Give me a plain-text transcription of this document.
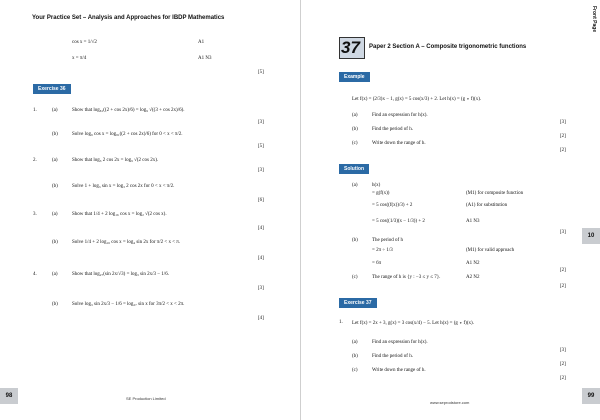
Your Practice Set – Analysis and Approaches for IBDP Mathematics	Front Page
cos x = 1/√2	A1
x = π/4	A1 N3
[5]
Exercise 36
1.	(a)	Show that log₈₁((2 + cos 2x)/6) = log₉ √((3 + cos 2x)/6).
[3]
(b)	Solve log₉ cos x = log₈₁((2 + cos 2x)/6) for 0 < x < π/2.
[5]
2.	(a)	Show that log₃ 2 cos 2x = log₉ √(2 cos 2x).
[3]
(b)	Solve 1 + log₃ sin x = log₃ 2 cos 2x for 0 < x < π/2.
[6]
3.	(a)	Show that 1/4 + 2 log₁₆ cos x = log₂ √(2 cos x).
[4]
(b)	Solve 1/4 + 2 log₁₆ cos x = log₄ sin 2x for π/2 < x < π.
[4]
4.	(a)	Show that log₂₇(sin 2x/√3) = log₃ sin 2x/3 − 1/6.
[3]
(b)	Solve log₃ sin 2x/3 − 1/6 = log₂₇ sin x for 3π/2 < x < 2π.
[4]
98	SE Production Limited
37 Paper 2 Section A – Composite trigonometric functions
Example
Let f(x) = (2/3)x − 1, g(x) = 5 cos(x/3) + 2. Let h(x) = (g ∘ f)(x).
(a)	Find an expression for h(x).
[3]
(b)	Find the period of h.
[2]
(c)	Write down the range of h.
[2]
Solution
(a)	h(x)
= g(f(x))	(M1) for composite function
= 5 cos((f(x))/3) + 2	(A1) for substitution
= 5 cos((1/3)(x − 1/3)) + 2	A1 N3
[3]
(b)	The period of h
= 2π ÷ 1/3	(M1) for valid approach
= 6π	A1 N2
[2]
(c)	The range of h is {y : −3 ≤ y ≤ 7}.	A2 N2
[2]
Exercise 37
1. Let f(x) = 2x + 3, g(x) = 3 cos(x/4) − 5. Let h(x) = (g ∘ f)(x).
(a)	Find an expression for h(x).
[3]
(b)	Find the period of h.
[2]
(c)	Write down the range of h.
[2]
10
99
www.seprodstore.com
